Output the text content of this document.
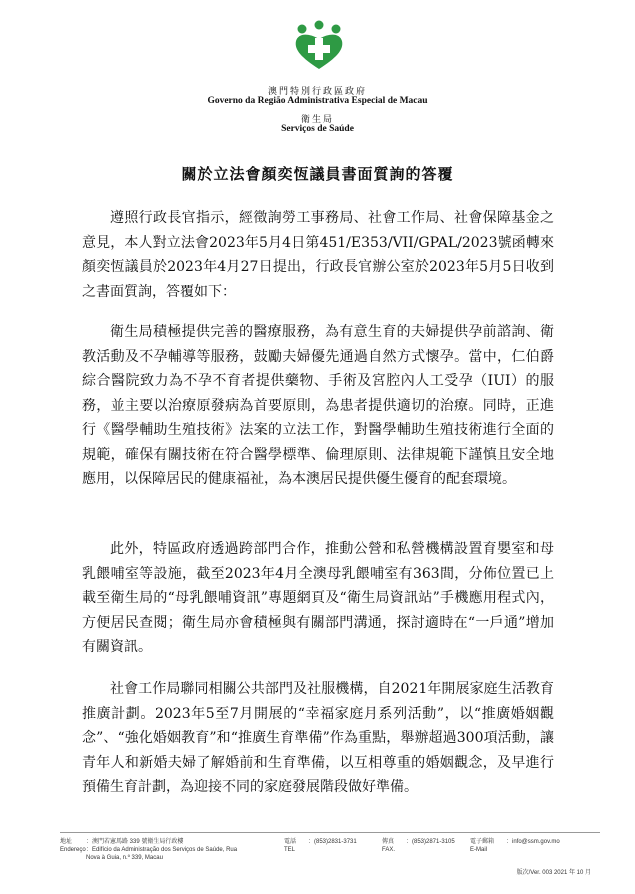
澳門特別行政區政府
Governo da Região Administrativa Especial de Macau
衛生局
Serviços de Saúde
關於立法會顏奕恆議員書面質詢的答覆

遵照行政長官指示，經徵詢勞工事務局、社會工作局、社會保障基金之意見，本人對立法會2023年5月4日第451/E353/VII/GPAL/2023號函轉來顏奕恆議員於2023年4月27日提出，行政長官辦公室於2023年5月5日收到之書面質詢，答覆如下：

衛生局積極提供完善的醫療服務，為有意生育的夫婦提供孕前諮詢、衛教活動及不孕輔導等服務，鼓勵夫婦優先通過自然方式懷孕。當中，仁伯爵綜合醫院致力為不孕不育者提供藥物、手術及宮腔內人工受孕（IUI）的服務，並主要以治療原發病為首要原則，為患者提供適切的治療。同時，正進行《醫學輔助生殖技術》法案的立法工作，對醫學輔助生殖技術進行全面的規範，確保有關技術在符合醫學標準、倫理原則、法律規範下謹慎且安全地應用，以保障居民的健康福祉，為本澳居民提供優生優育的配套環境。

此外，特區政府透過跨部門合作，推動公營和私營機構設置育嬰室和母乳餵哺室等設施，截至2023年4月全澳母乳餵哺室有363間，分佈位置已上載至衛生局的“母乳餵哺資訊”專題網頁及“衛生局資訊站”手機應用程式內，方便居民查閱；衛生局亦會積極與有關部門溝通，探討適時在“一戶通”增加有關資訊。

社會工作局聯同相關公共部門及社服機構，自2021年開展家庭生活教育推廣計劃。2023年5至7月開展的“幸福家庭月系列活動”，以“推廣婚姻觀念”、“強化婚姻教育”和“推廣生育準備”作為重點，舉辦超過300項活動，讓青年人和新婚夫婦了解婚前和生育準備，以互相尊重的婚姻觀念，及早進行預備生育計劃，為迎接不同的家庭發展階段做好準備。

地址
Endereço
：澳門若憲馬路 339 號衛生局行政樓
：Edifício da Administração dos Serviços de Saúde, Rua Nova à Guia, n.º 339, Macau
電話
TEL
：(853)2831-3731	傳真
FAX.
：(853)2871-3105	電子郵箱
E-Mail
：info@ssm.gov.mo
版次/Ver. 003 2021 年 10 月
